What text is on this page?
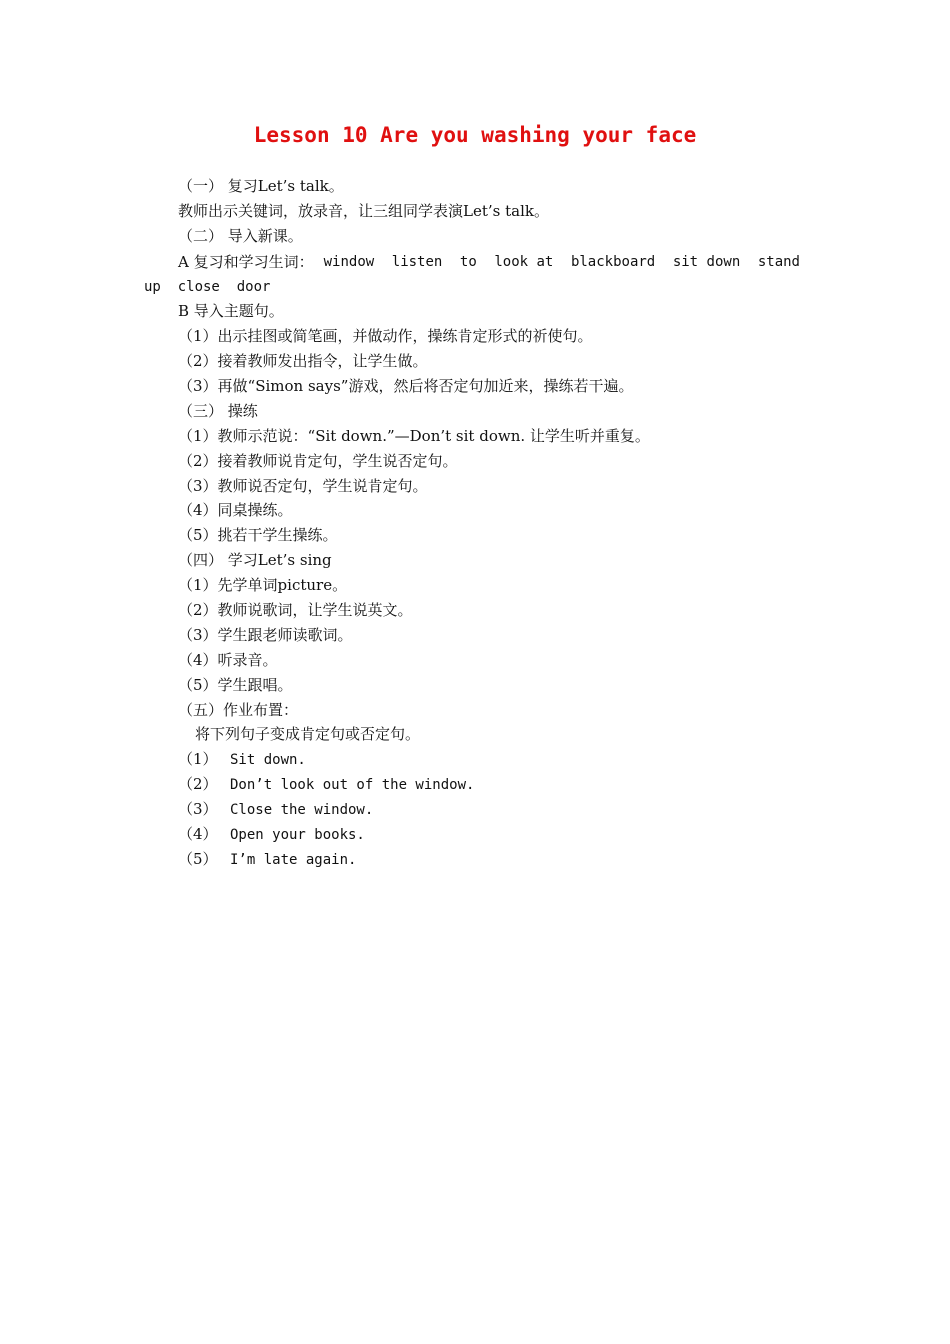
Lesson 10 Are you washing your face
（一） 复习Let’s talk。
教师出示关键词，放录音，让三组同学表演Let’s talk。
（二） 导入新课。
A 复习和学习生词： window listen to look at blackboard sit down stand
up  close  door
B 导入主题句。
（1）出示挂图或简笔画，并做动作，操练肯定形式的祈使句。
（2）接着教师发出指令，让学生做。
（3）再做“Simon says”游戏，然后将否定句加近来，操练若干遍。
（三） 操练
（1）教师示范说：“Sit down.”—Don’t sit down. 让学生听并重复。
（2）接着教师说肯定句，学生说否定句。
（3）教师说否定句，学生说肯定句。
（4）同桌操练。
（5）挑若干学生操练。
（四） 学习Let’s sing
（1）先学单词picture。
（2）教师说歌词，让学生说英文。
（3）学生跟老师读歌词。
（4）听录音。
（5）学生跟唱。
（五）作业布置：
将下列句子变成肯定句或否定句。
（1） Sit down.
（2） Don’t look out of the window.
（3） Close the window.
（4） Open your books.
（5） I’m late again.
